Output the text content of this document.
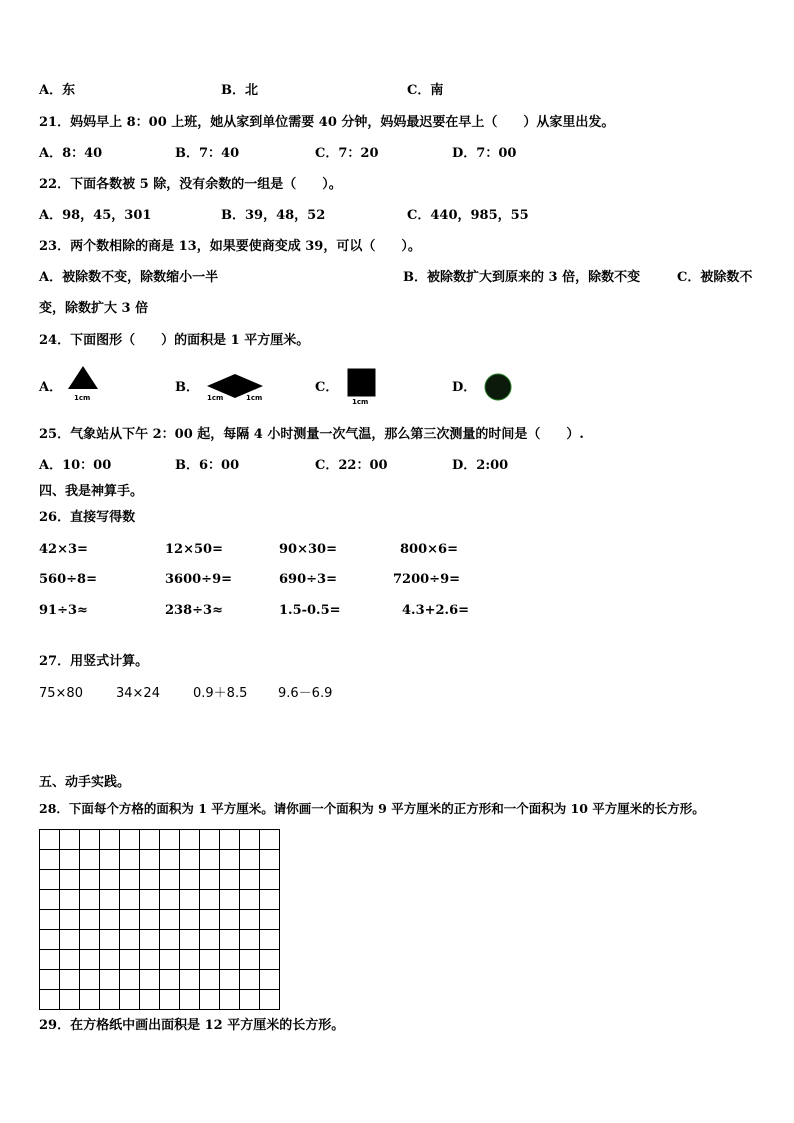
A．东	B．北	C．南
21．妈妈早上 8：00 上班，她从家到单位需要 40 分钟，妈妈最迟要在早上（　　）从家里出发。
A．8：40	B．7：40	C．7：20	D．7：00
22．下面各数被 5 除，没有余数的一组是（　　）。
A．98，45，301	B．39，48，52	C．440，985，55
23．两个数相除的商是 13，如果要使商变成 39，可以（　　）。
A．被除数不变，除数缩小一半	B．被除数扩大到原来的 3 倍，除数不变	C．被除数不
变，除数扩大 3 倍
24．下面图形（　　）的面积是 1 平方厘米。
A．	B．	C．	D．
1cm	1cm	1cm	1cm
25．气象站从下午 2：00 起，每隔 4 小时测量一次气温，那么第三次测量的时间是（　　）.
A．10：00	B．6：00	C．22：00	D．2:00
四、我是神算手。
26．直接写得数
42×3=	12×50=	90×30=	800×6=
560÷8=	3600÷9=	690÷3=	7200÷9=
91÷3≈	238÷3≈	1.5-0.5=	4.3+2.6=
27．用竖式计算。
75×80	34×24	0.9＋8.5 9.6－6.9
五、动手实践。
28．下面每个方格的面积为 1 平方厘米。请你画一个面积为 9 平方厘米的正方形和一个面积为 10 平方厘米的长方形。
29．在方格纸中画出面积是 12 平方厘米的长方形。
